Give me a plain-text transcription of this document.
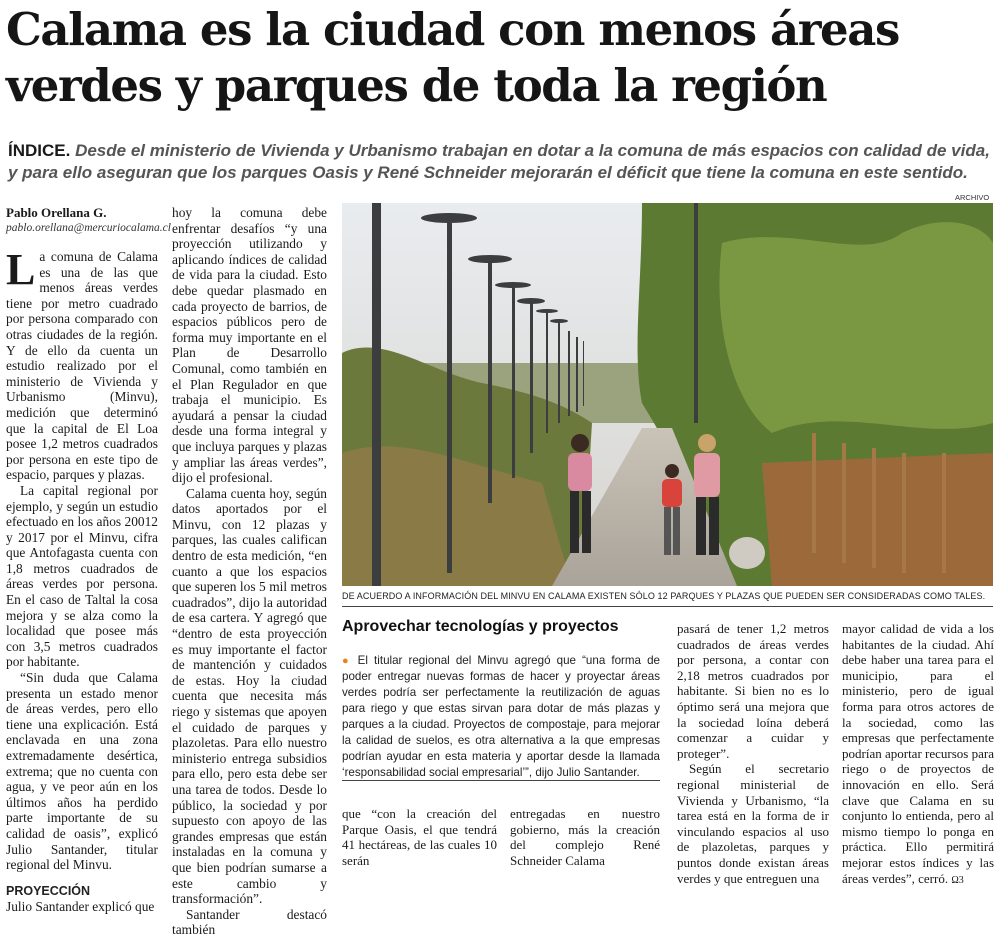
Calama es la ciudad con menos áreas verdes y parques de toda la región
ÍNDICE. Desde el ministerio de Vivienda y Urbanismo trabajan en dotar a la comuna de más espacios con calidad de vida, y para ello aseguran que los parques Oasis y René Schneider mejorarán el déficit que tiene la comuna en este sentido.
Pablo Orellana G.
pablo.orellana@mercuriocalama.cl

La comuna de Calama es una de las que menos áreas verdes tiene por metro cuadrado por persona comparado con otras ciudades de la región. Y de ello da cuenta un estudio realizado por el ministerio de Vivienda y Urbanismo (Minvu), medición que determinó que la capital de El Loa posee 1,2 metros cuadrados por persona en este tipo de espacio, parques y plazas.

La capital regional por ejemplo, y según un estudio efectuado en los años 20012 y 2017 por el Minvu, cifra que Antofagasta cuenta con 1,8 metros cuadrados de áreas verdes por persona. En el caso de Taltal la cosa mejora y se alza como la localidad que posee más con 3,5 metros cuadrados por habitante.

“Sin duda que Calama presenta un estado menor de áreas verdes, pero ello tiene una explicación. Está enclavada en una zona extremadamente desértica, extrema; que no cuenta con agua, y ve peor aún en los últimos años ha perdido parte importante de su calidad de oasis”, explicó Julio Santander, titular regional del Minvu.

PROYECCIÓN

Julio Santander explicó que

hoy la comuna debe enfrentar desafíos “y una proyección utilizando y aplicando índices de calidad de vida para la ciudad. Esto debe quedar plasmado en cada proyecto de barrios, de espacios públicos pero de forma muy importante en el Plan de Desarrollo Comunal, como también en el Plan Regulador en que trabaja el municipio. Es ayudará a pensar la ciudad desde una forma integral y que incluya parques y plazas y ampliar las áreas verdes”, dijo el profesional.

Calama cuenta hoy, según datos aportados por el Minvu, con 12 plazas y parques, las cuales califican dentro de esta medición, “en cuanto a que los espacios que superen los 5 mil metros cuadrados”, dijo la autoridad de esa cartera. Y agregó que “dentro de esta proyección es muy importante el factor de mantención y cuidados de estas. Hoy la ciudad cuenta que necesita más riego y sistemas que apoyen el cuidado de parques y plazoletas. Para ello nuestro ministerio entrega subsidios para ello, pero esta debe ser una tarea de todos. Desde lo público, la sociedad y por supuesto con apoyo de las grandes empresas que están instaladas en la comuna y que bien podrían sumarse a este cambio y transformación”.

Santander destacó también

ARCHIVO
DE ACUERDO A INFORMACIÓN DEL MINVU EN CALAMA EXISTEN SÓLO 12 PARQUES Y PLAZAS QUE PUEDEN SER CONSIDERADAS COMO TALES.
Aprovechar tecnologías y proyectos
● El titular regional del Minvu agregó que “una forma de poder entregar nuevas formas de hacer y proyectar áreas verdes podría ser perfectamente la reutilización de aguas para riego y que estas sirvan para dotar de más plazas y parques a la ciudad. Proyectos de compostaje, para mejorar la calidad de suelos, es otra alternativa a la que empresas podrían ayudar en esta materia y aportar desde la llamada ‘responsabilidad social empresarial’”, dijo Julio Santander.

que “con la creación del Parque Oasis, el que tendrá 41 hectáreas, de las cuales 10 serán

entregadas en nuestro gobierno, más la creación del complejo René Schneider Calama

pasará de tener 1,2 metros cuadrados de áreas verdes por persona, a contar con 2,18 metros cuadrados por habitante. Si bien no es lo óptimo será una mejora que la sociedad loína deberá comenzar a cuidar y proteger”.

Según el secretario regional ministerial de Vivienda y Urbanismo, “la tarea está en la forma de ir vinculando espacios al uso de plazoletas, parques y puntos donde existan áreas verdes y que entreguen una

mayor calidad de vida a los habitantes de la ciudad. Ahí debe haber una tarea para el municipio, para el ministerio, pero de igual forma para otros actores de la sociedad, como las empresas que perfectamente podrían aportar recursos para riego o de proyectos de innovación en ello. Será clave que Calama en su conjunto lo entienda, pero al mismo tiempo lo ponga en práctica. Ello permitirá mejorar estos índices y las áreas verdes”, cerró. Ω3
